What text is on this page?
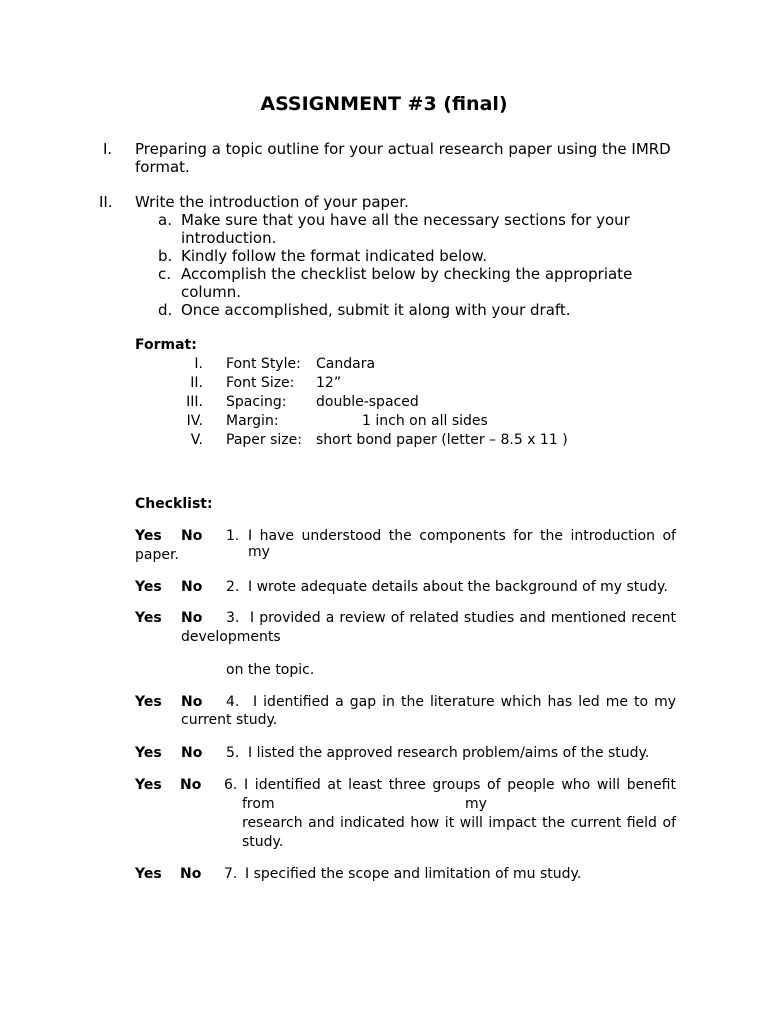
ASSIGNMENT #3 (final)
I. Preparing a topic outline for your actual research paper using the IMRD
format.
II. Write the introduction of your paper.
a. Make sure that you have all the necessary sections for your
introduction.
b. Kindly follow the format indicated below.
c. Accomplish the checklist below by checking the appropriate
column.
d. Once accomplished, submit it along with your draft.
Format:
I. Font Style: Candara
II. Font Size: 12”
III. Spacing: double-spaced
IV. Margin:	1 inch on all sides
V. Paper size: short bond paper (letter – 8.5 x 11 )
Checklist:
Yes No 1. I have understood the components for the introduction of my
paper.
Yes No 2. I wrote adequate details about the background of my study.
Yes No 3. I provided a review of related studies and mentioned recent
developments
on the topic.
Yes No 4. I identified a gap in the literature which has led me to my
current study.
Yes No 5. I listed the approved research problem/aims of the study.
Yes No 6. I identified at least three groups of people who will benefit
from	my
research and indicated how it will impact the current field of
study.
Yes No 7. I specified the scope and limitation of mu study.
